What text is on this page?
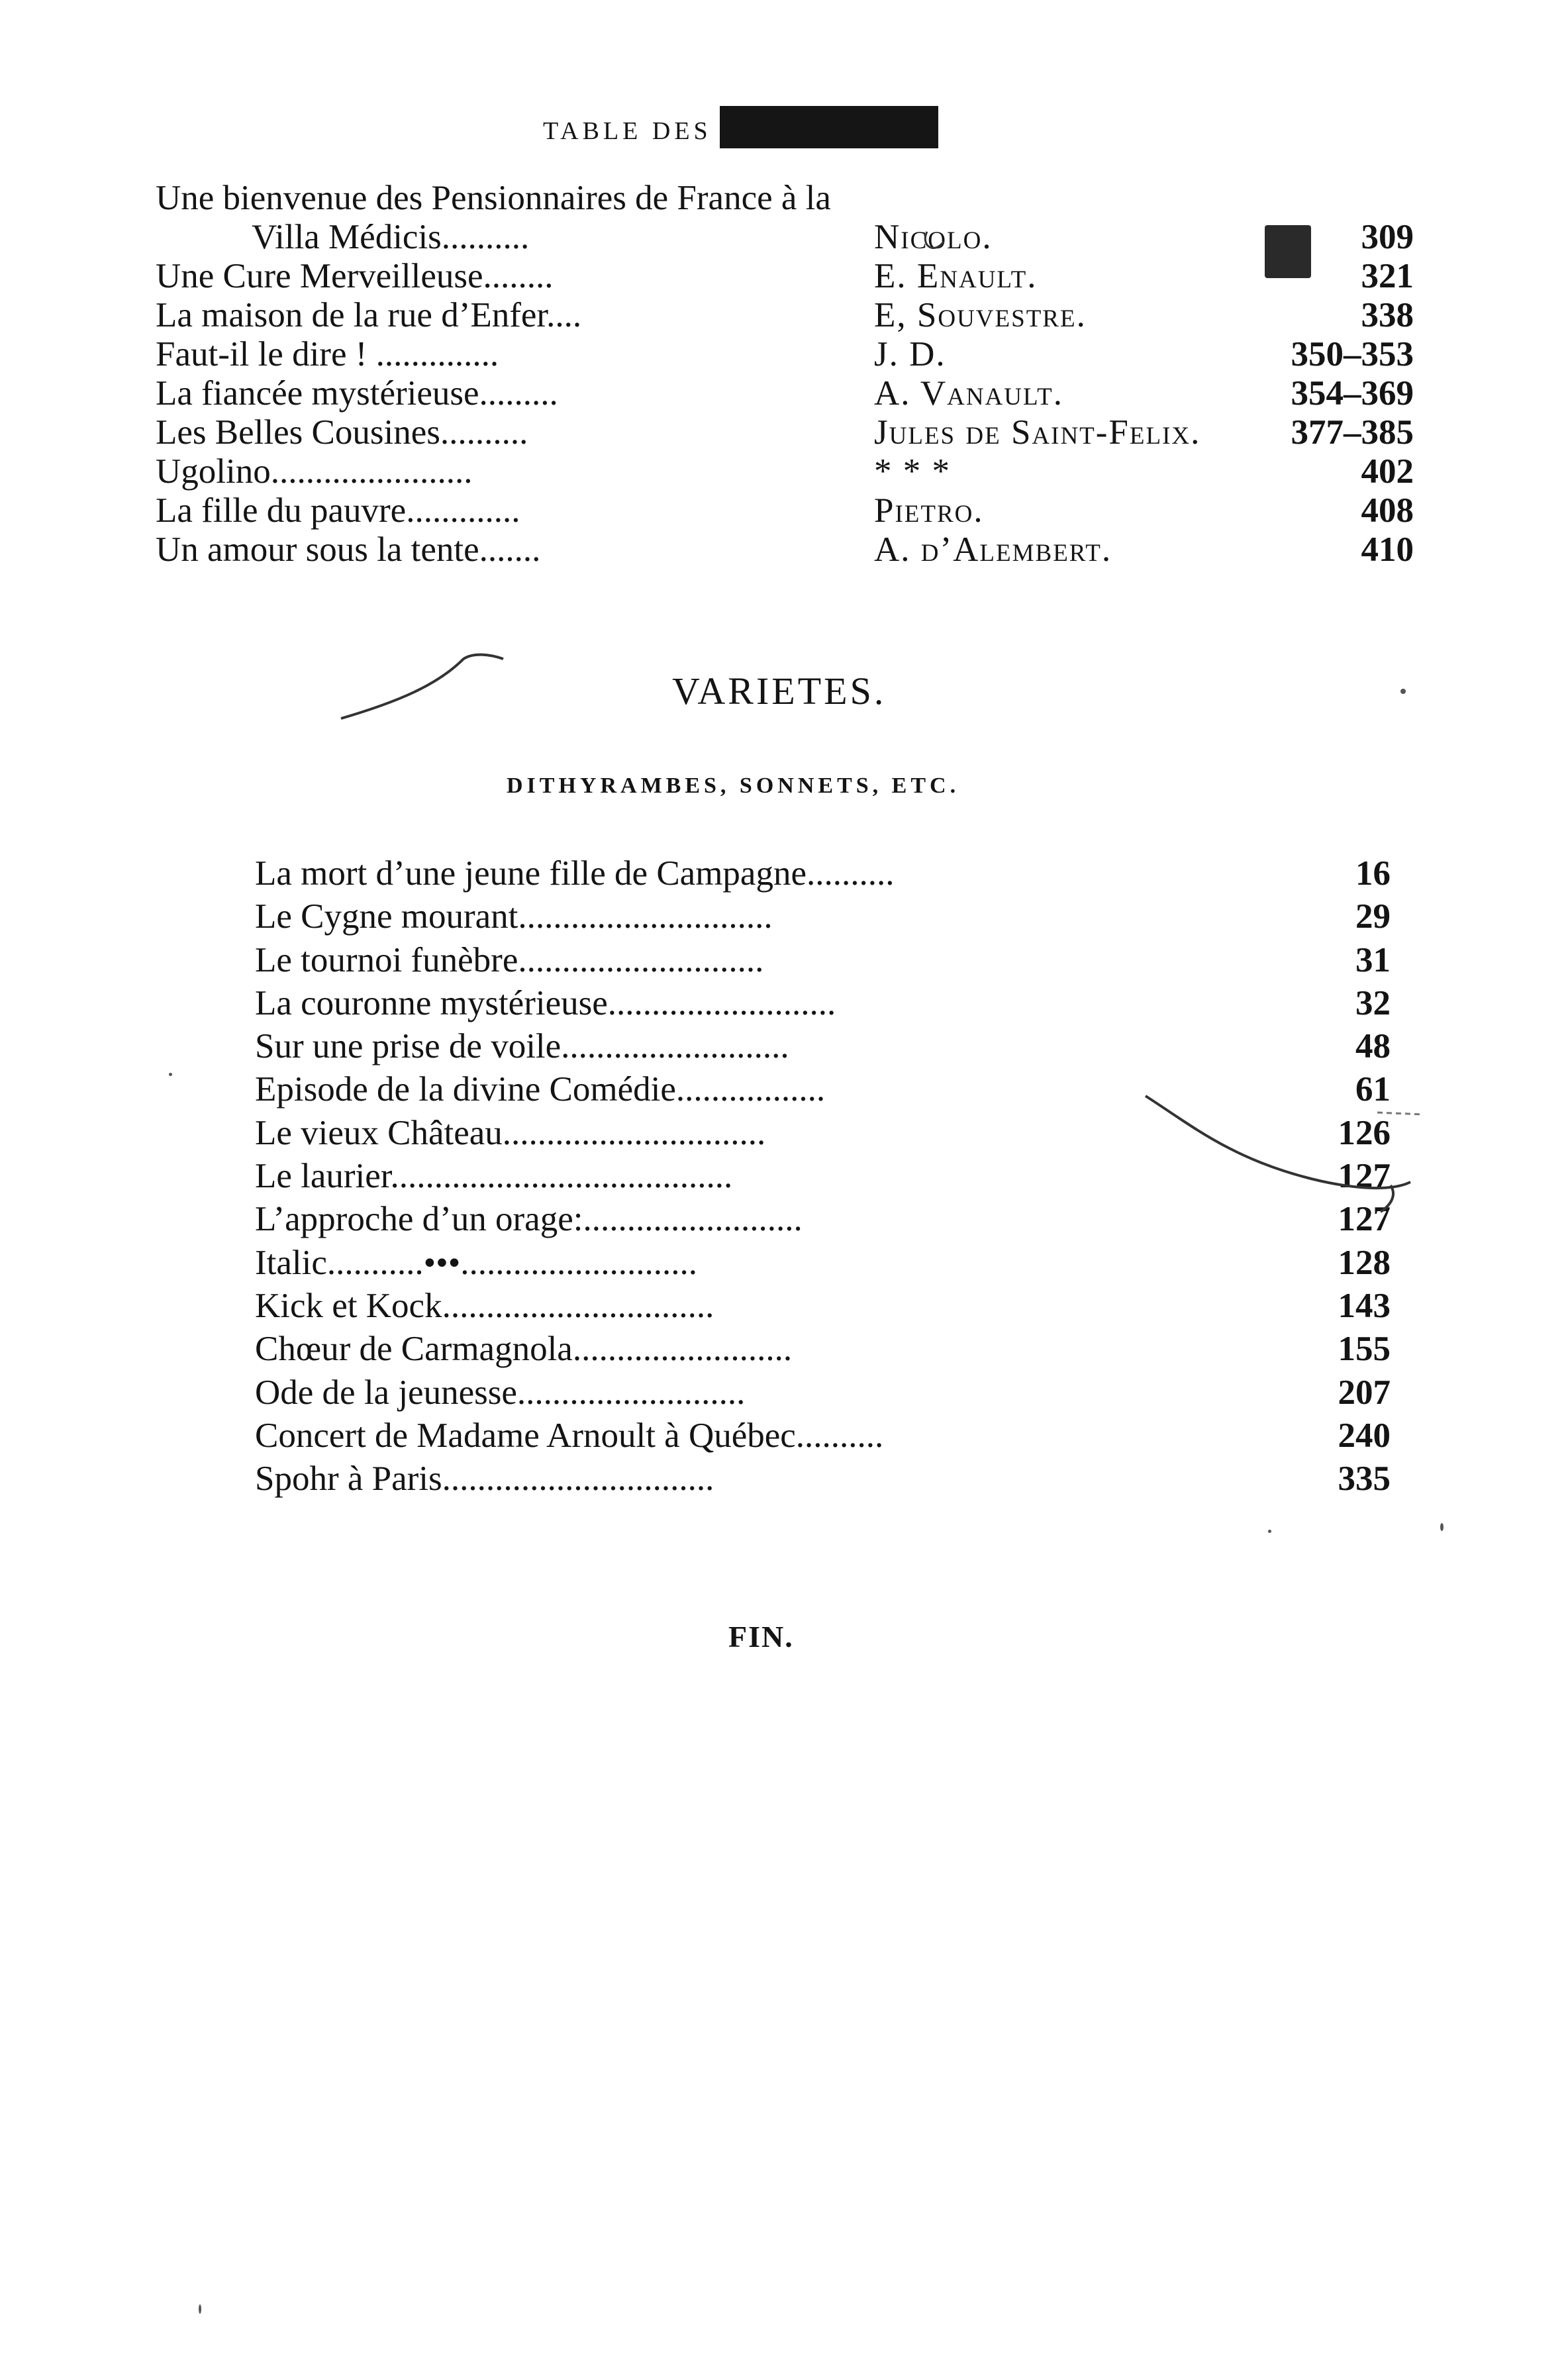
TABLE DES
Une bienvenue des Pensionnaires de France à la
Villa Médicis..........	Nicolo.	309
Une Cure Merveilleuse........	E. Enault.	321
La maison de la rue d’Enfer....	E, Souvestre.	338
Faut-il le dire ! ..............	J. D.	350–353
La fiancée mystérieuse.........	A. Vanault.	354–369
Les Belles Cousines..........	Jules de Saint-Felix.	377–385
Ugolino.......................	* * *	402
La fille du pauvre.............	Pietro.	408
Un amour sous la tente.......	A. d’Alembert.	410
VARIETES.
DITHYRAMBES, SONNETS, ETC.
La mort d’une jeune fille de Campagne..........	16
Le Cygne mourant.............................	29
Le tournoi funèbre............................	31
La couronne mystérieuse..........................	32
Sur une prise de voile..........................	48
Episode de la divine Comédie.................	61
Le vieux Château..............................	126
Le laurier.......................................	127
L’approche d’un orage:.........................	127
Italic...........•••...........................	128
Kick et Kock...............................	143
Chœur de Carmagnola.........................	155
Ode de la jeunesse..........................	207
Concert de Madame Arnoult à Québec..........	240
Spohr à Paris...............................	335
FIN.
